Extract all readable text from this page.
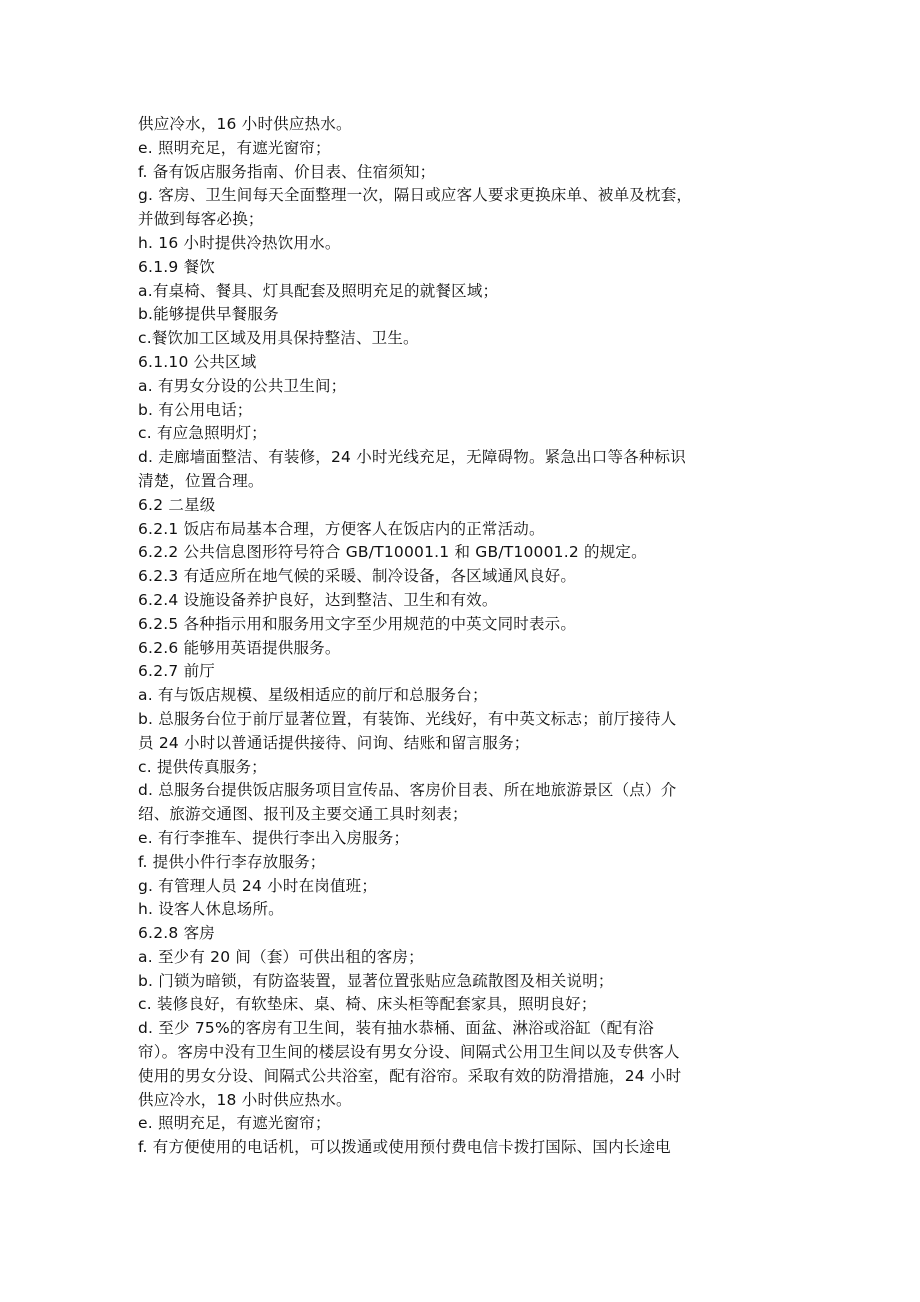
供应冷水，16 小时供应热水。
e. 照明充足，有遮光窗帘；
f. 备有饭店服务指南、价目表、住宿须知；
g. 客房、卫生间每天全面整理一次，隔日或应客人要求更换床单、被单及枕套，
并做到每客必换；
h. 16 小时提供冷热饮用水。
6.1.9 餐饮
a.有桌椅、餐具、灯具配套及照明充足的就餐区域；
b.能够提供早餐服务
c.餐饮加工区域及用具保持整洁、卫生。
6.1.10 公共区域
a. 有男女分设的公共卫生间；
b. 有公用电话；
c. 有应急照明灯；
d. 走廊墙面整洁、有装修，24 小时光线充足，无障碍物。紧急出口等各种标识
清楚，位置合理。
6.2 二星级
6.2.1 饭店布局基本合理，方便客人在饭店内的正常活动。
6.2.2 公共信息图形符号符合 GB/T10001.1 和 GB/T10001.2 的规定。
6.2.3 有适应所在地气候的采暖、制冷设备，各区域通风良好。
6.2.4 设施设备养护良好，达到整洁、卫生和有效。
6.2.5 各种指示用和服务用文字至少用规范的中英文同时表示。
6.2.6 能够用英语提供服务。
6.2.7 前厅
a. 有与饭店规模、星级相适应的前厅和总服务台；
b. 总服务台位于前厅显著位置，有装饰、光线好，有中英文标志；前厅接待人
员 24 小时以普通话提供接待、问询、结账和留言服务；
c. 提供传真服务；
d. 总服务台提供饭店服务项目宣传品、客房价目表、所在地旅游景区（点）介
绍、旅游交通图、报刊及主要交通工具时刻表；
e. 有行李推车、提供行李出入房服务；
f. 提供小件行李存放服务；
g. 有管理人员 24 小时在岗值班；
h. 设客人休息场所。
6.2.8 客房
a. 至少有 20 间（套）可供出租的客房；
b. 门锁为暗锁，有防盗装置，显著位置张贴应急疏散图及相关说明；
c. 装修良好，有软垫床、桌、椅、床头柜等配套家具，照明良好；
d. 至少 75%的客房有卫生间，装有抽水恭桶、面盆、淋浴或浴缸（配有浴
帘）。客房中没有卫生间的楼层设有男女分设、间隔式公用卫生间以及专供客人
使用的男女分设、间隔式公共浴室，配有浴帘。采取有效的防滑措施，24 小时
供应冷水，18 小时供应热水。
e. 照明充足，有遮光窗帘；
f. 有方便使用的电话机，可以拨通或使用预付费电信卡拨打国际、国内长途电
